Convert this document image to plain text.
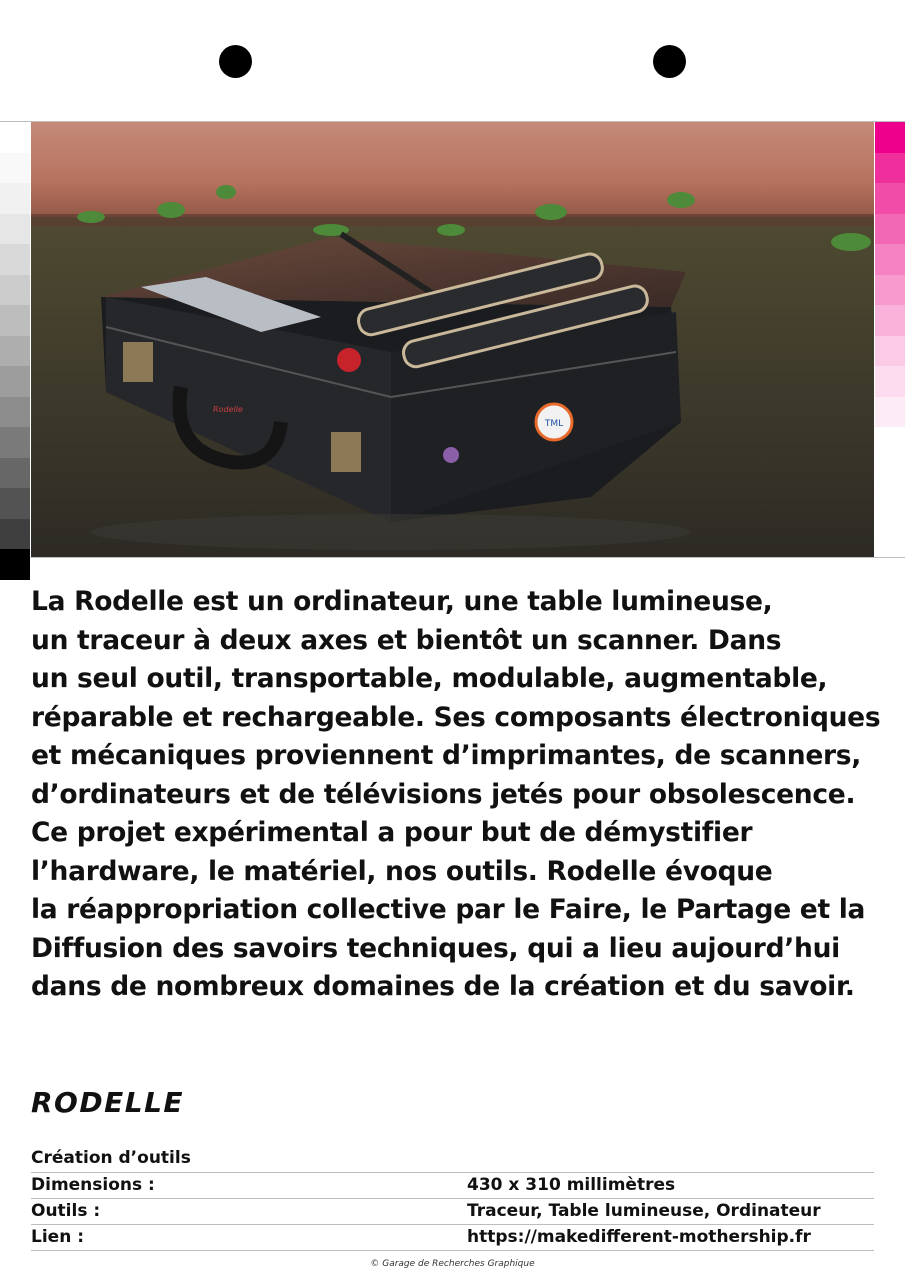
TML
Rodelle

La Rodelle est un ordinateur, une table lumineuse,
un traceur à deux axes et bientôt un scanner. Dans
un seul outil, transportable, modulable, augmentable,
réparable et rechargeable. Ses composants électroniques
et mécaniques proviennent d’imprimantes, de scanners,
d’ordinateurs et de télévisions jetés pour obsolescence.
Ce projet expérimental a pour but de démystifier
l’hardware, le matériel, nos outils. Rodelle évoque
la réappropriation collective par le Faire, le Partage et la
Diffusion des savoirs techniques, qui a lieu aujourd’hui
dans de nombreux domaines de la création et du savoir.

RODELLE
Création d’outils
Dimensions :	430 x 310 millimètres
Outils :	Traceur, Table lumineuse, Ordinateur
Lien :	https://makedifferent-mothership.fr
© Garage de Recherches Graphique
